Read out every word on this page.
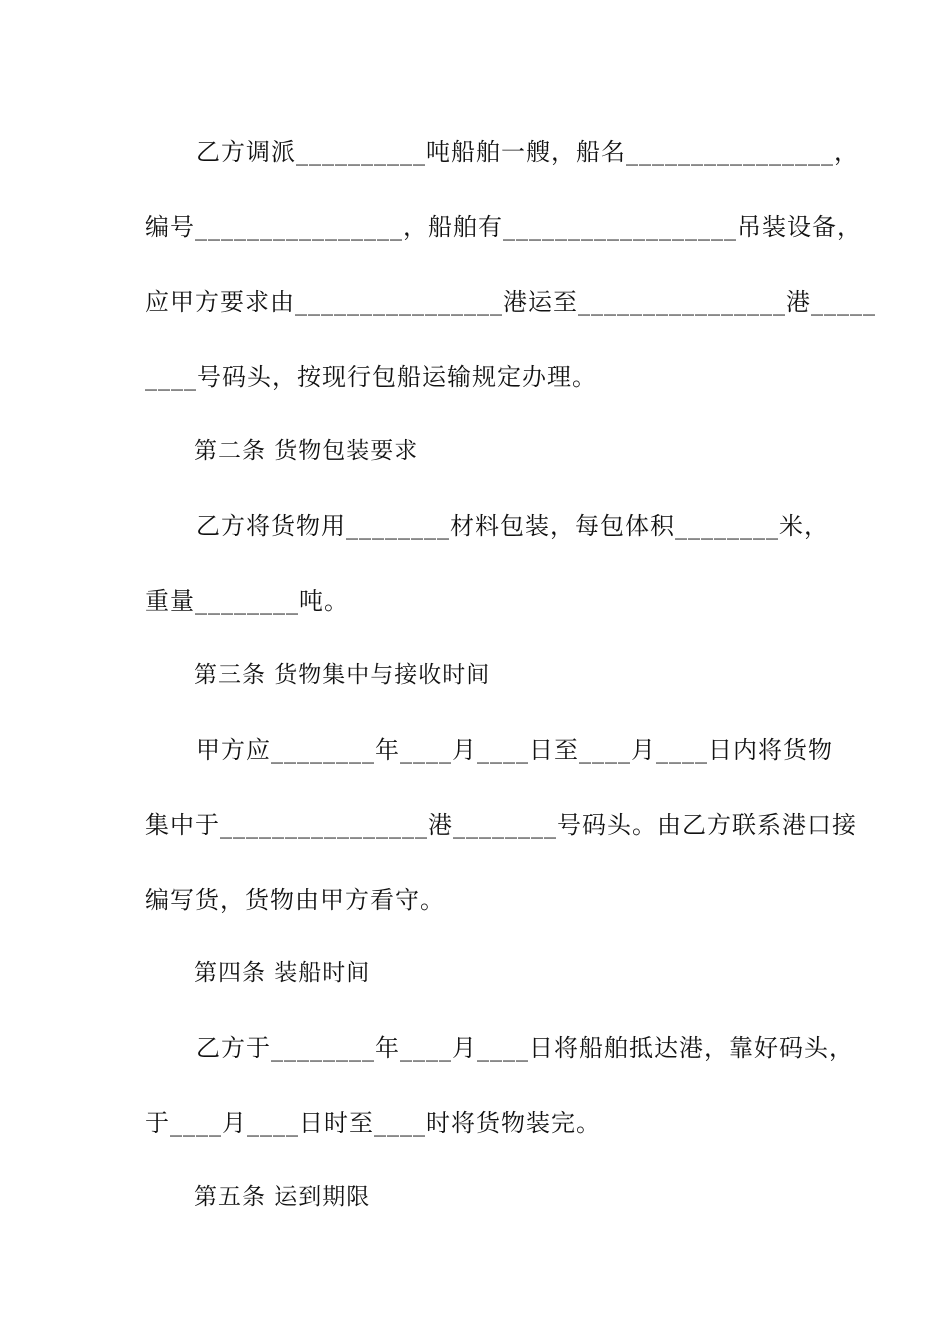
乙方调派__________吨船舶一艘，船名________________，
编号________________，船舶有__________________吊装设备，
应甲方要求由________________港运至________________港_____
____号码头，按现行包船运输规定办理。
第二条 货物包装要求
乙方将货物用________材料包装，每包体积________米，
重量________吨。
第三条 货物集中与接收时间
甲方应________年____月____日至____月____日内将货物
集中于________________港________号码头。由乙方联系港口接
编写货，货物由甲方看守。
第四条 装船时间
乙方于________年____月____日将船舶抵达港，靠好码头，
于____月____日时至____时将货物装完。
第五条 运到期限
